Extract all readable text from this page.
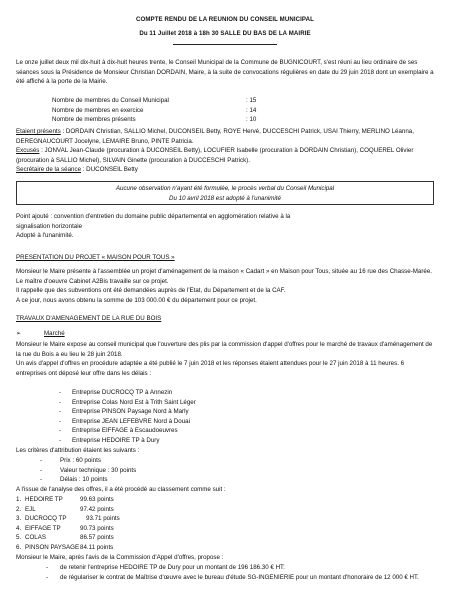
COMPTE RENDU DE LA REUNION DU CONSEIL MUNICIPAL
Du 11 Juillet 2018 à 18h 30 SALLE DU BAS DE LA MAIRIE

Le onze juillet deux mil dix-huit à dix-huit heures trente, le Conseil Municipal de la Commune de BUGNICOURT, s'est réuni au lieu ordinaire de ses séances sous la Présidence de Monsieur Christian DORDAIN, Maire, à la suite de convocations régulières en date du 29 juin 2018 dont un exemplaire a été affiché à la porte de la Mairie.

Nombre de membres du Conseil Municipal	: 15
Nombre de membres en exercice	: 14
Nombre de membres présents	: 10

Etaient présents : DORDAIN Christian, SALLIO Michel, DUCONSEIL Betty, ROYE Hervé, DUCCESCHI Patrick, USAI Thierry, MERLINO Léanna, DEREGNAUCOURT Jocelyne, LEMAIRE Bruno, PINTE Patricia.

Excusés : JONVAL Jean-Claude (procuration à DUCONSEIL Betty), LOCUFIER Isabelle (procuration à DORDAIN Christian), COQUEREL Olivier (procuration à SALLIO Michel), SILVAIN Ginette (procuration à DUCCESCHI Patrick).

Secrétaire de la séance : DUCONSEIL Betty

Aucune observation n'ayant été formulée, le procès verbal du Conseil Municipal
Du 10 avril 2018 est adopté à l'unanimité

Point ajouté : convention d'entretien du domaine public départemental en agglomération relative à la

signalisation horizontale

Adopté à l'unanimité.

PRESENTATION DU PROJET « MAISON POUR TOUS »

Monsieur le Maire présente à l'assemblée un projet d'aménagement de la maison « Cadart » en Maison pour Tous, située au 16 rue des Chasse-Marée. Le maître d'oeuvre Cabinet A2Bis travaille sur ce projet.

Il rappelle que des subventions ont été demandées auprès de l'Etat, du Département et de la CAF.

A ce jour, nous avons obtenu la somme de 103 000.00 € du département pour ce projet.

TRAVAUX D'AMENAGEMENT DE LA RUE DU BOIS

➢	Marché

Monsieur le Maire expose au conseil municipal que l'ouverture des plis par la commission d'appel d'offres pour le marché de travaux d'aménagement de la rue du Bois a eu lieu le 28 juin 2018.

Un avis d'appel d'offres en procédure adaptée a été publié le 7 juin 2018 et les réponses étaient attendues pour le 27 juin 2018 à 11 heures. 6 entreprises ont déposé leur offre dans les délais :

- Entreprise DUCROCQ TP à Annezin
- Entreprise Colas Nord Est à Trith Saint Léger
- Entreprise PINSON Paysage Nord à Marly
- Entreprise JEAN LEFEBVRE Nord à Douai
- Entreprise EIFFAGE à Escaudoeuvres
- Entreprise HEDOIRE TP à Dury

Les critères d'attribution étaient les suivants :

-	Prix : 60 points
-	Valeur technique : 30 points
-	Délais : 10 points

A l'issue de l'analyse des offres, il a été procédé au classement comme suit :

1. HEDOIRE TP	99.63 points
2. EJL	97.42 points
3. DUCROCQ TP	93.71 points
4. EIFFAGE TP	90.73 points
5. COLAS	86.57 points
6. PINSON PAYSAGE 84.11 points

Monsieur le Maire, après l'avis de la Commission d'Appel d'offres, propose :

- de retenir l'entreprise HEDOIRE TP de Dury pour un montant de 196 186.30 € HT:
- de régulariser le contrat de Maîtrise d'œuvre avec le bureau d'étude SG-INGENIERIE pour un montant d'honoraire de 12 000 € HT.
